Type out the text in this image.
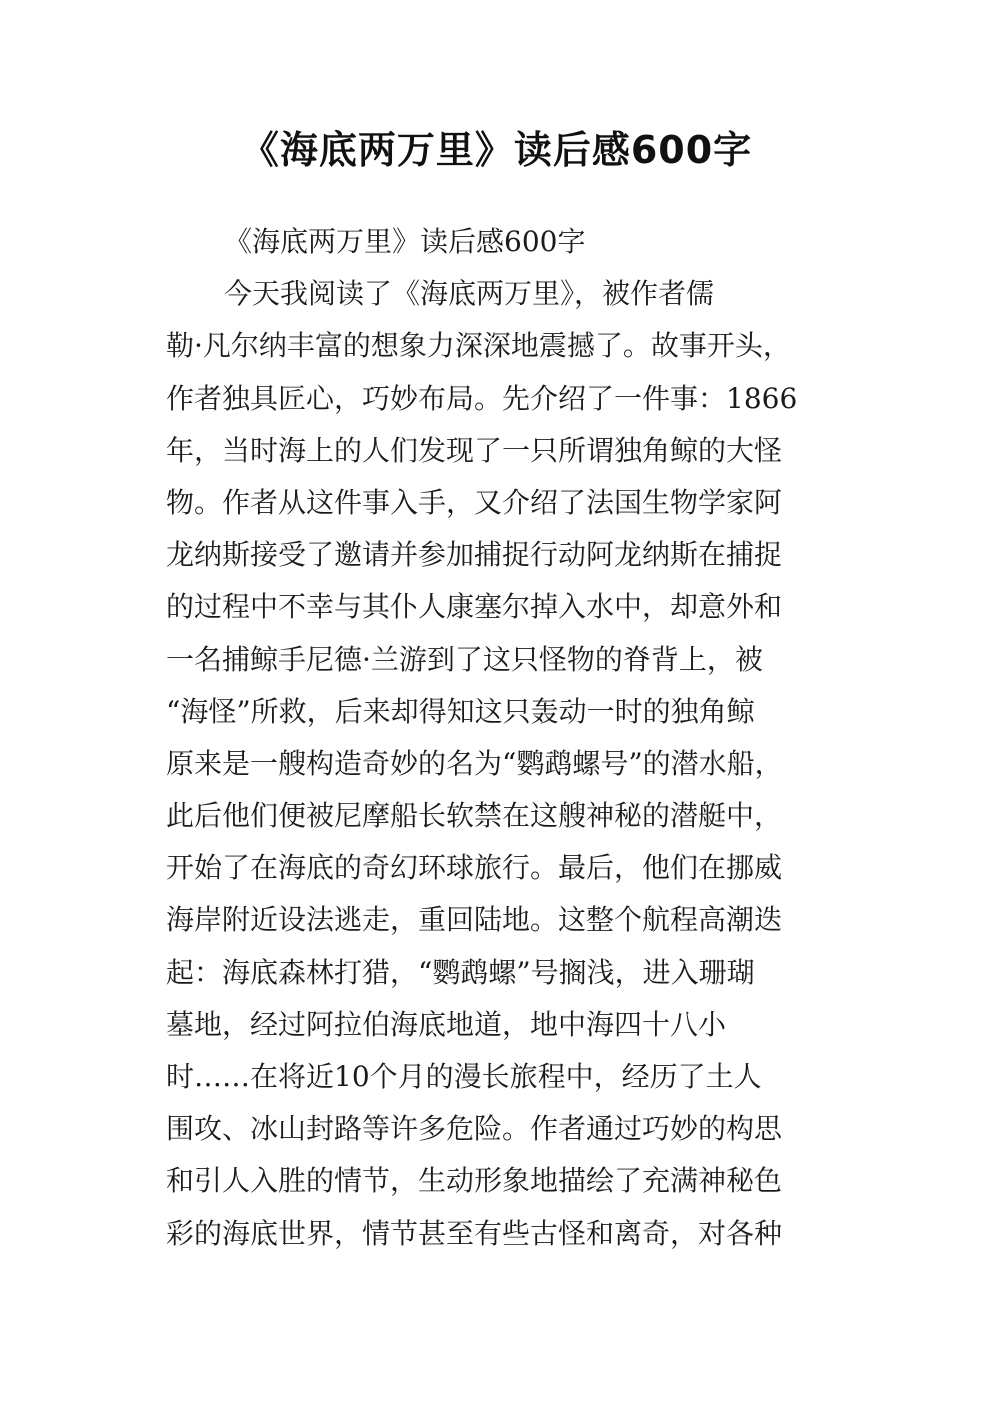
《海底两万里》读后感600字
《海底两万里》读后感600字
今天我阅读了《海底两万里》，被作者儒
勒·凡尔纳丰富的想象力深深地震撼了。故事开头，
作者独具匠心，巧妙布局。先介绍了一件事：1866
年，当时海上的人们发现了一只所谓独角鲸的大怪
物。作者从这件事入手，又介绍了法国生物学家阿
龙纳斯接受了邀请并参加捕捉行动阿龙纳斯在捕捉
的过程中不幸与其仆人康塞尔掉入水中，却意外和
一名捕鲸手尼德·兰游到了这只怪物的脊背上，被
“海怪”所救，后来却得知这只轰动一时的独角鲸
原来是一艘构造奇妙的名为“鹦鹉螺号”的潜水船，
此后他们便被尼摩船长软禁在这艘神秘的潜艇中，
开始了在海底的奇幻环球旅行。最后，他们在挪威
海岸附近设法逃走，重回陆地。这整个航程高潮迭
起：海底森林打猎，“鹦鹉螺”号搁浅，进入珊瑚
墓地，经过阿拉伯海底地道，地中海四十八小
时……在将近10个月的漫长旅程中，经历了土人
围攻、冰山封路等许多危险。作者通过巧妙的构思
和引人入胜的情节，生动形象地描绘了充满神秘色
彩的海底世界，情节甚至有些古怪和离奇，对各种
